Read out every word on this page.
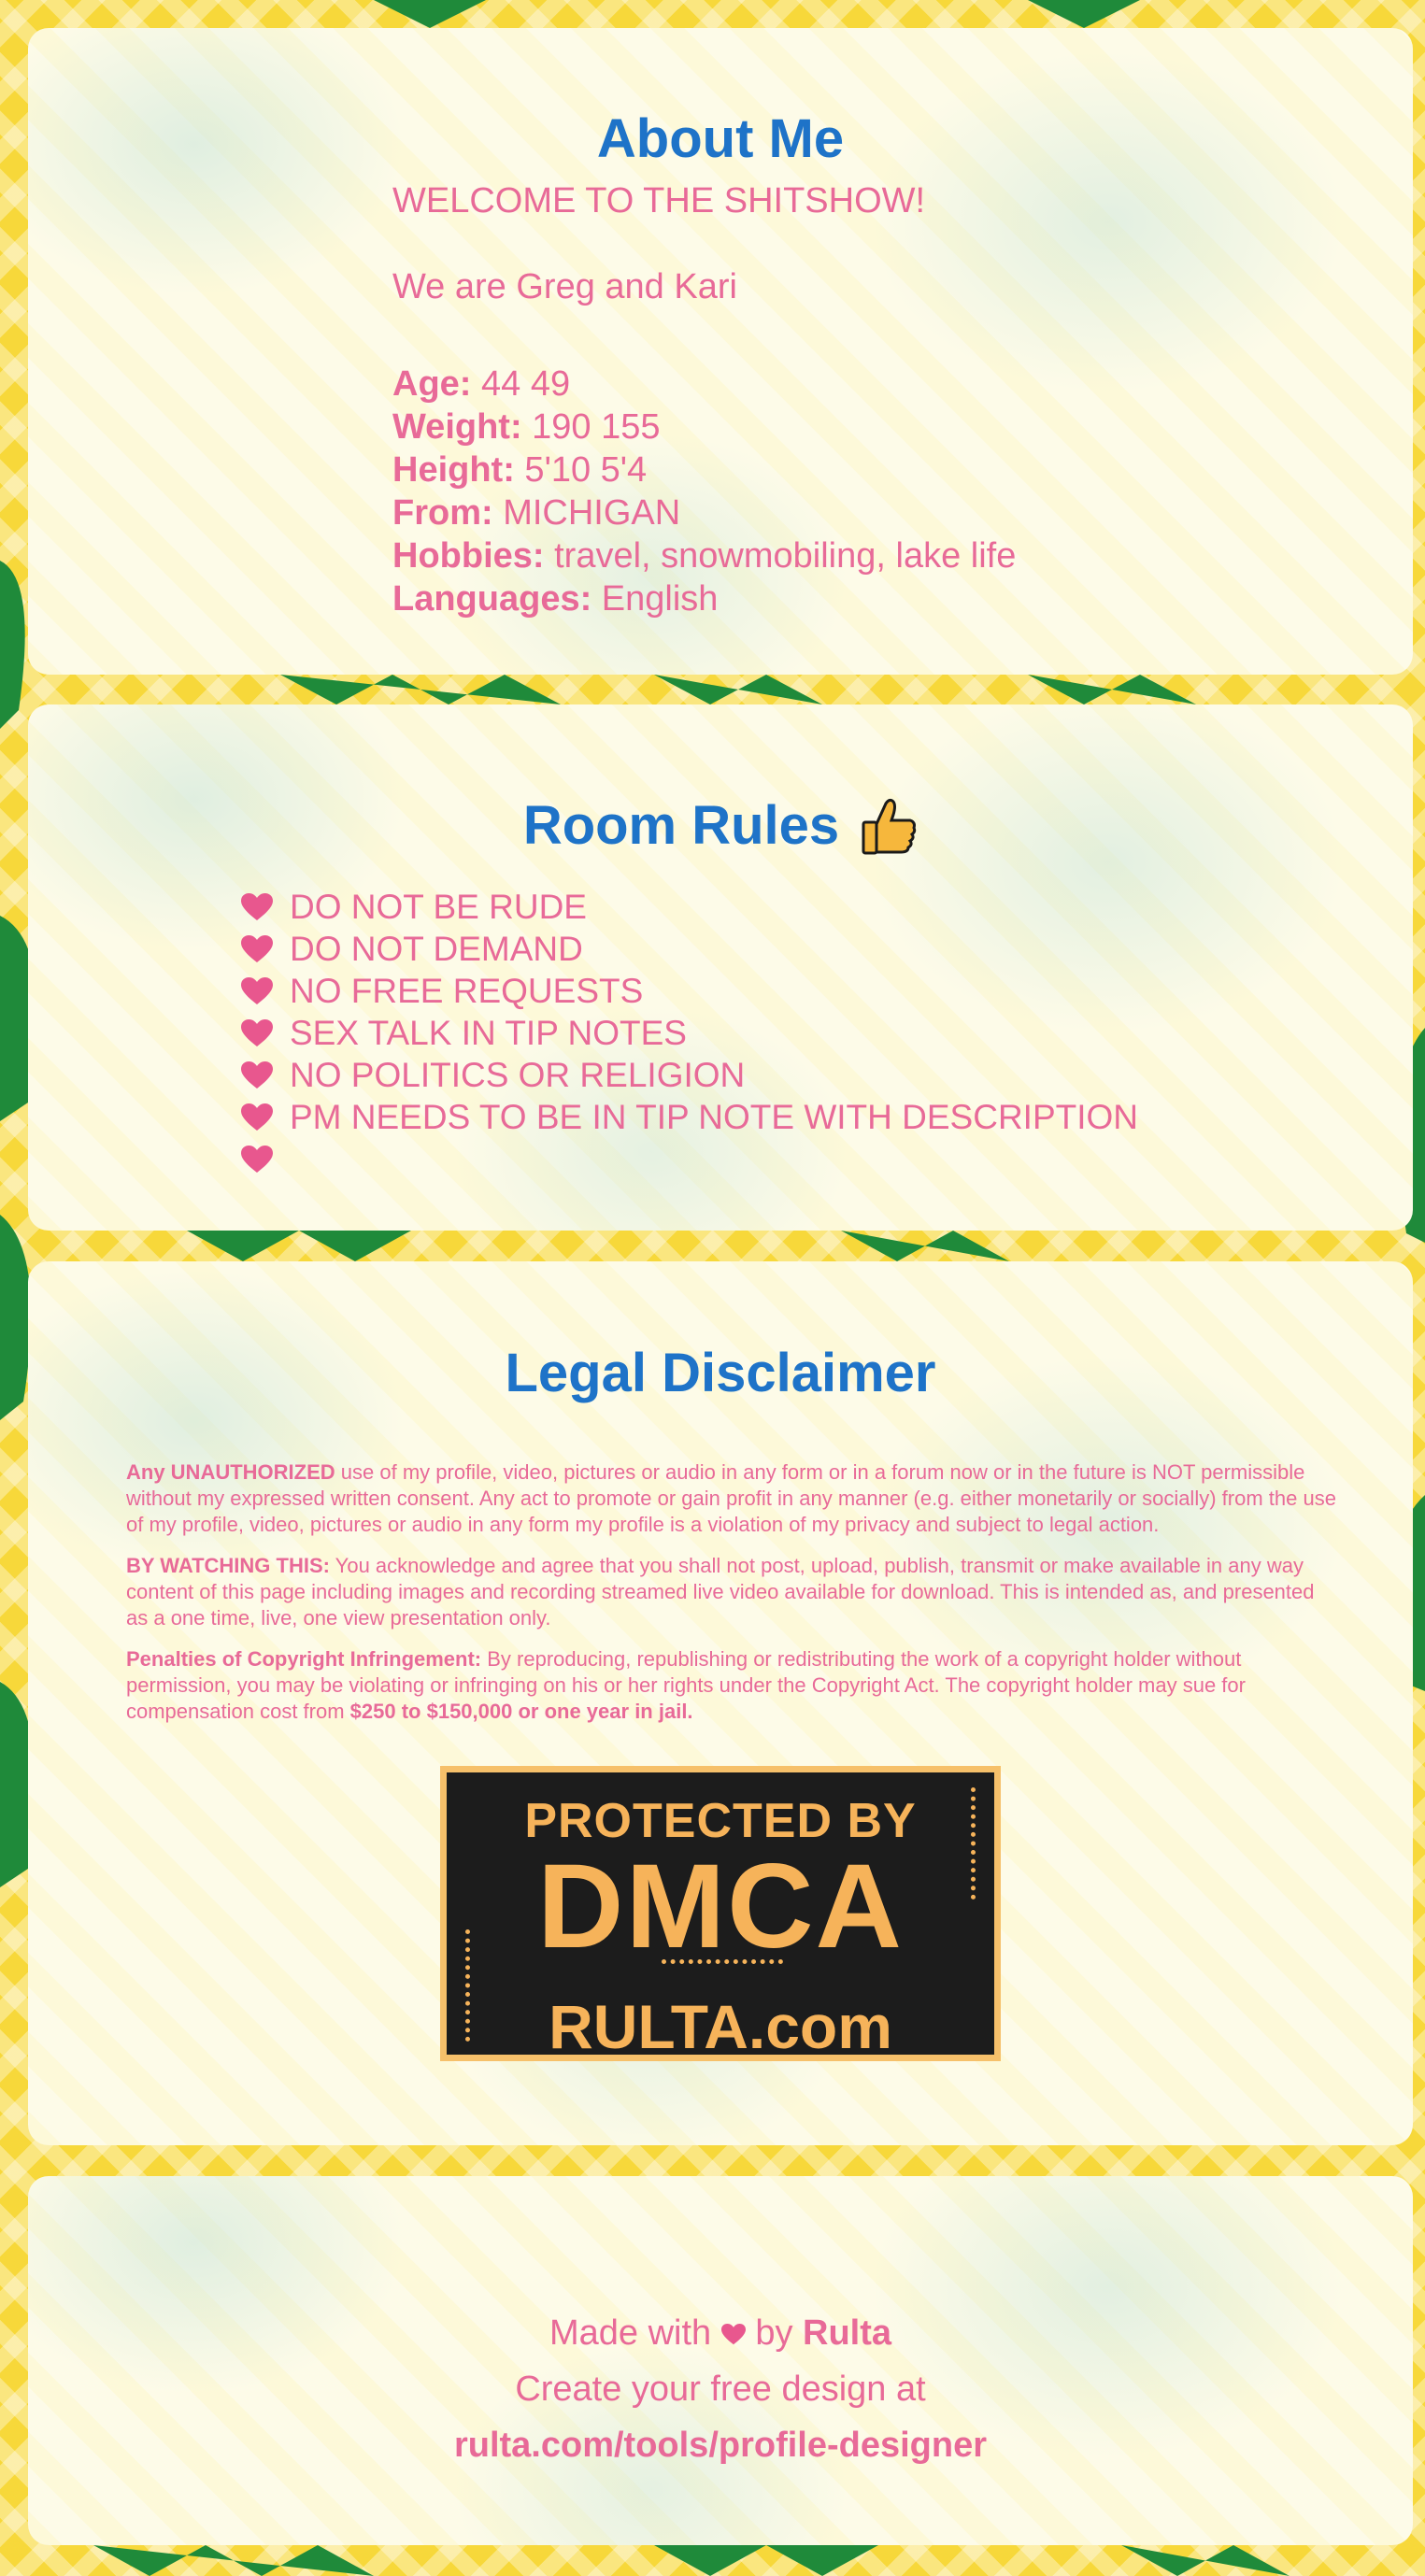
About Me

WELCOME TO THE SHITSHOW!

We are Greg and Kari

Age: 44 49

Weight: 190 155

Height: 5'10 5'4

From: MICHIGAN

Hobbies: travel, snowmobiling, lake life

Languages: English

Room Rules
DO NOT BE RUDE
DO NOT DEMAND
NO FREE REQUESTS
SEX TALK IN TIP NOTES
NO POLITICS OR RELIGION
PM NEEDS TO BE IN TIP NOTE WITH DESCRIPTION
Legal Disclaimer

Any UNAUTHORIZED use of my profile, video, pictures or audio in any form or in a forum now or in the future is NOT permissible without my expressed written consent. Any act to promote or gain profit in any manner (e.g. either monetarily or socially) from the use of my profile, video, pictures or audio in any form my profile is a violation of my privacy and subject to legal action.

BY WATCHING THIS: You acknowledge and agree that you shall not post, upload, publish, transmit or make available in any way content of this page including images and recording streamed live video available for download. This is intended as, and presented as a one time, live, one view presentation only.

Penalties of Copyright Infringement: By reproducing, republishing or redistributing the work of a copyright holder without permission, you may be violating or infringing on his or her rights under the Copyright Act. The copyright holder may sue for compensation cost from $250 to $150,000 or one year in jail.

PROTECTED BY
DMCA
RULTA.com
Made with by Rulta
Create your free design at
rulta.com/tools/profile-designer
